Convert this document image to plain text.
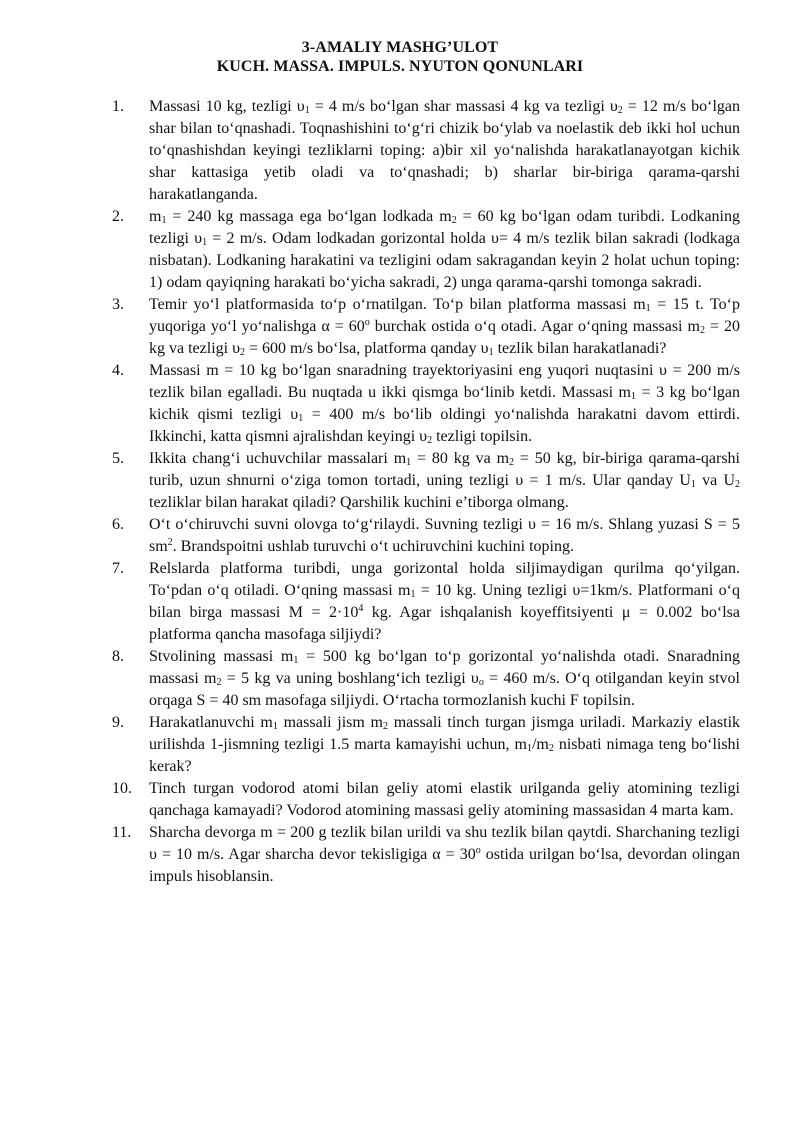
3-AMALIY MASHG’ULOT
KUCH. MASSA. IMPULS. NYUTON QONUNLARI
1. Massasi 10 kg, tezligi $\upsilon_1 = 4$ m/s bo‘lgan shar massasi 4 kg va tezligi $\upsilon_2 = 12$ m/s bo‘lgan shar bilan to‘qnashadi. Toqnashishini to‘g‘ri chizik bo‘ylab va noelastik deb ikki hol uchun to‘qnashishdan keyingi tezliklarni toping: a)bir xil yo‘nalishda harakatlanayotgan kichik shar kattasiga yetib oladi va to‘qnashadi; b) sharlar bir-biriga qarama-qarshi harakatlanganda.
2. $m_1 = 240$ kg massaga ega bo‘lgan lodkada $m_2 = 60$ kg bo‘lgan odam turibdi. Lodkaning tezligi $\upsilon_1 = 2$ m/s. Odam lodkadan gorizontal holda υ= 4 m/s tezlik bilan sakradi (lodkaga nisbatan). Lodkaning harakatini va tezligini odam sakragandan keyin 2 holat uchun toping: 1) odam qayiqning harakati bo‘yicha sakradi, 2) unga qarama-qarshi tomonga sakradi.
3. Temir yo‘l platformasida to‘p o‘rnatilgan. To‘p bilan platforma massasi $m_1 = 15$ t. To‘p yuqoriga yo‘l yo‘nalishga $\alpha = 60^o$ burchak ostida o‘q otadi. Agar o‘qning massasi $m_2 = 20$ kg va tezligi $\upsilon_2 = 600$ m/s bo‘lsa, platforma qanday $\upsilon_1$ tezlik bilan harakatlanadi?
4. Massasi m = 10 kg bo‘lgan snaradning trayektoriyasini eng yuqori nuqtasini υ = 200 m/s tezlik bilan egalladi. Bu nuqtada u ikki qismga bo‘linib ketdi. Massasi $m_1 = 3$ kg bo‘lgan kichik qismi tezligi $\upsilon_1 = 400$ m/s bo‘lib oldingi yo‘nalishda harakatni davom ettirdi. Ikkinchi, katta qismni ajralishdan keyingi $\upsilon_2$ tezligi topilsin.
5. Ikkita chang‘i uchuvchilar massalari $m_1 = 80$ kg va $m_2 = 50$ kg, bir-biriga qarama-qarshi turib, uzun shnurni o‘ziga tomon tortadi, uning tezligi υ = 1 m/s. Ular qanday $U_1$ va $U_2$ tezliklar bilan harakat qiladi? Qarshilik kuchini e’tiborga olmang.
6. O‘t o‘chiruvchi suvni olovga to‘g‘rilaydi. Suvning tezligi υ = 16 m/s. Shlang yuzasi S = 5 $sm^2$. Brandspoitni ushlab turuvchi o‘t uchiruvchini kuchini toping.
7. Relslarda platforma turibdi, unga gorizontal holda siljimaydigan qurilma qo‘yilgan. To‘pdan o‘q otiladi. O‘qning massasi $m_1 = 10$ kg. Uning tezligi υ=1km/s. Platformani o‘q bilan birga massasi $M = 2\cdot 10^4$ kg. Agar ishqalanish koyeffitsiyenti μ = 0.002 bo‘lsa platforma qancha masofaga siljiydi?
8. Stvolining massasi $m_1 = 500$ kg bo‘lgan to‘p gorizontal yo‘nalishda otadi. Snaradning massasi $m_2 = 5$ kg va uning boshlang‘ich tezligi $\upsilon_o = 460$ m/s. O‘q otilgandan keyin stvol orqaga S = 40 sm masofaga siljiydi. O‘rtacha tormozlanish kuchi F topilsin.
9. Harakatlanuvchi $m_1$ massali jism $m_2$ massali tinch turgan jismga uriladi. Markaziy elastik urilishda 1-jismning tezligi 1.5 marta kamayishi uchun, $m_1/m_2$ nisbati nimaga teng bo‘lishi kerak?
10. Tinch turgan vodorod atomi bilan geliy atomi elastik urilganda geliy atomining tezligi qanchaga kamayadi? Vodorod atomining massasi geliy atomining massasidan 4 marta kam.
11. Sharcha devorga m = 200 g tezlik bilan urildi va shu tezlik bilan qaytdi. Sharchaning tezligi υ = 10 m/s. Agar sharcha devor tekisligiga $\alpha = 30^o$ ostida urilgan bo‘lsa, devordan olingan impuls hisoblansin.
